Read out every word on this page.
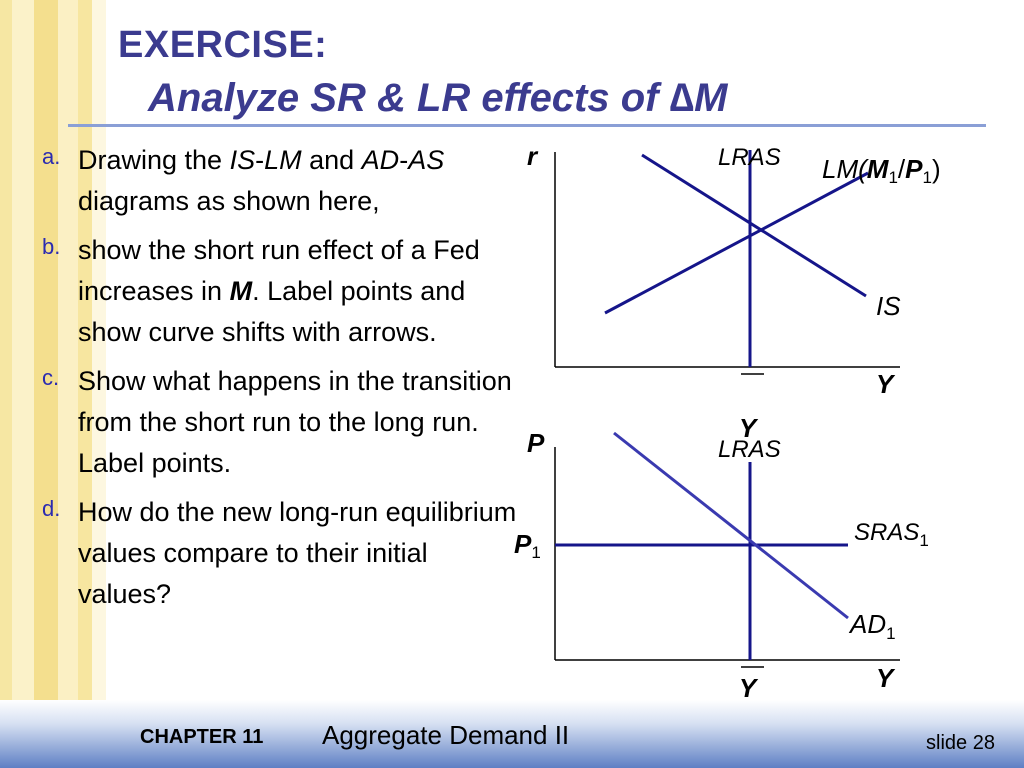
EXERCISE:
Analyze SR & LR effects of ∆M
a. Drawing the IS-LM and AD-AS diagrams as shown here,
b. show the short run effect of a Fed increases in M. Label points and show curve shifts with arrows.
c. Show what happens in the transition from the short run to the long run. Label points.
d. How do the new long-run equilibrium values compare to their initial values?
r
Y
Y
LRAS LM(M1/P1)
IS
P
Y
Y
LRAS
P1
$SRAS_1$
$AD_1$
CHAPTER 11 Aggregate Demand II	slide 28
